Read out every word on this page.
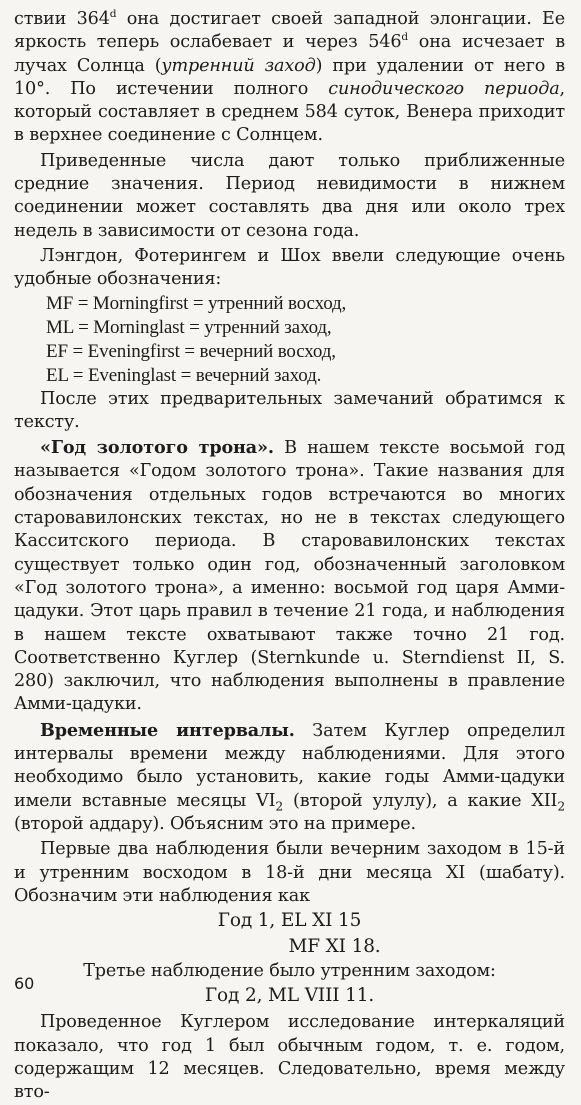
ствии 364$^d$ она достигает своей западной элонгации. Ее яркость теперь ослабевает и через 546$^d$ она исчезает в лучах Солнца (утренний заход) при удалении от него в 10°. По истечении полного синодического периода, который составляет в среднем 584 суток, Венера приходит в верхнее соединение с Солнцем.

Приведенные числа дают только приближенные средние значения. Период невидимости в нижнем соединении может составлять два дня или около трех недель в зависимости от сезона года.

Лэнгдон, Фотерингем и Шох ввели следующие очень удобные обозначения:

MF = Morningfirst = утренний восход,
ML = Morninglast = утренний заход,
EF = Eveningfirst = вечерний восход,
EL = Eveninglast = вечерний заход.

После этих предварительных замечаний обратимся к тексту.

«Год золотого трона». В нашем тексте восьмой год называется «Годом золотого трона». Такие названия для обозначения отдельных годов встречаются во многих старовавилонских текстах, но не в текстах следующего Касситского периода. В старовавилонских текстах существует только один год, обозначенный заголовком «Год золотого трона», а именно: восьмой год царя Амми-цадуки. Этот царь правил в течение 21 года, и наблюдения в нашем тексте охватывают также точно 21 год. Соответственно Куглер (Sternkunde u. Sterndienst II, S. 280) заключил, что наблюдения выполнены в правление Амми-цадуки.

Временные интервалы. Затем Куглер определил интервалы времени между наблюдениями. Для этого необходимо было установить, какие годы Амми-цадуки имели вставные месяцы $VI_2$ (второй улулу), а какие $XII_2$ (второй аддару). Объясним это на примере.

Первые два наблюдения были вечерним заходом в 15-й и утренним восходом в 18-й дни месяца XI (шабату). Обозначим эти наблюдения как

Год 1, EL XI 15

MF XI 18.

Третье наблюдение было утренним заходом:

Год 2, ML VIII 11.

Проведенное Куглером исследование интеркаляций показало, что год 1 был обычным годом, т. е. годом, содержащим 12 месяцев. Следовательно, время между вто-

60
